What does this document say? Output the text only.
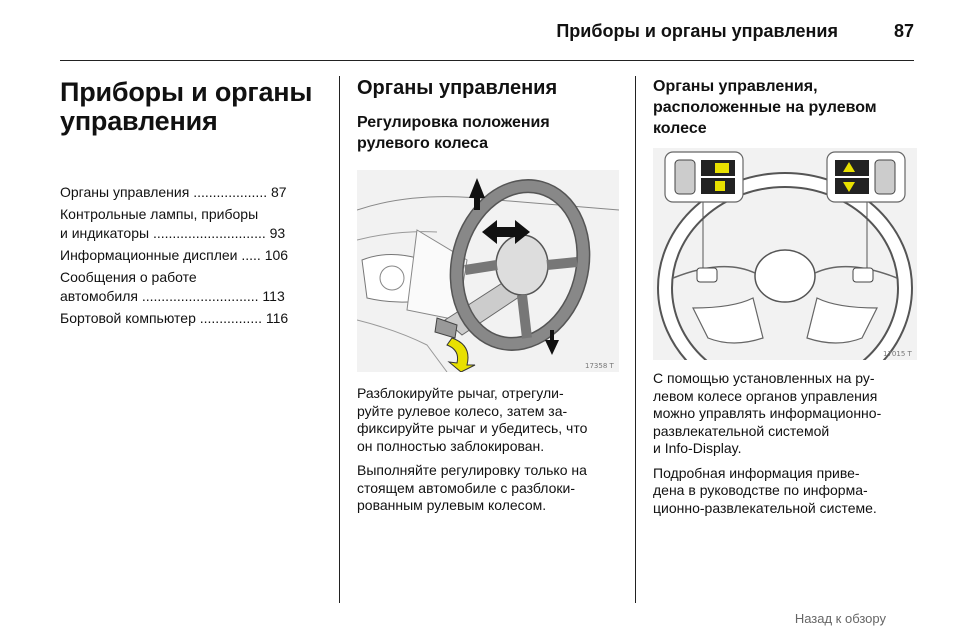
Приборы и органы управления	87
Приборы и органы
управления
Органы управления ................... 87
Контрольные лампы, приборы
и индикаторы ............................. 93
Информационные дисплеи ..... 106
Сообщения о работе
автомобиля .............................. 113
Бортовой компьютер ................ 116
Органы управления
Регулировка положения
рулевого колеса
17358 T
Разблокируйте рычаг, отрегули-
руйте рулевое колесо, затем за-
фиксируйте рычаг и убедитесь, что
он полностью заблокирован.
Выполняйте регулировку только на
стоящем автомобиле с разблоки-
рованным рулевым колесом.
Органы управления,
расположенные на рулевом
колесе
17015 T
С помощью установленных на ру-
левом колесе органов управления
можно управлять информационно-
развлекательной системой
и Info-Display.
Подробная информация приве-
дена в руководстве по информа-
ционно-развлекательной системе.
Назад к обзору
